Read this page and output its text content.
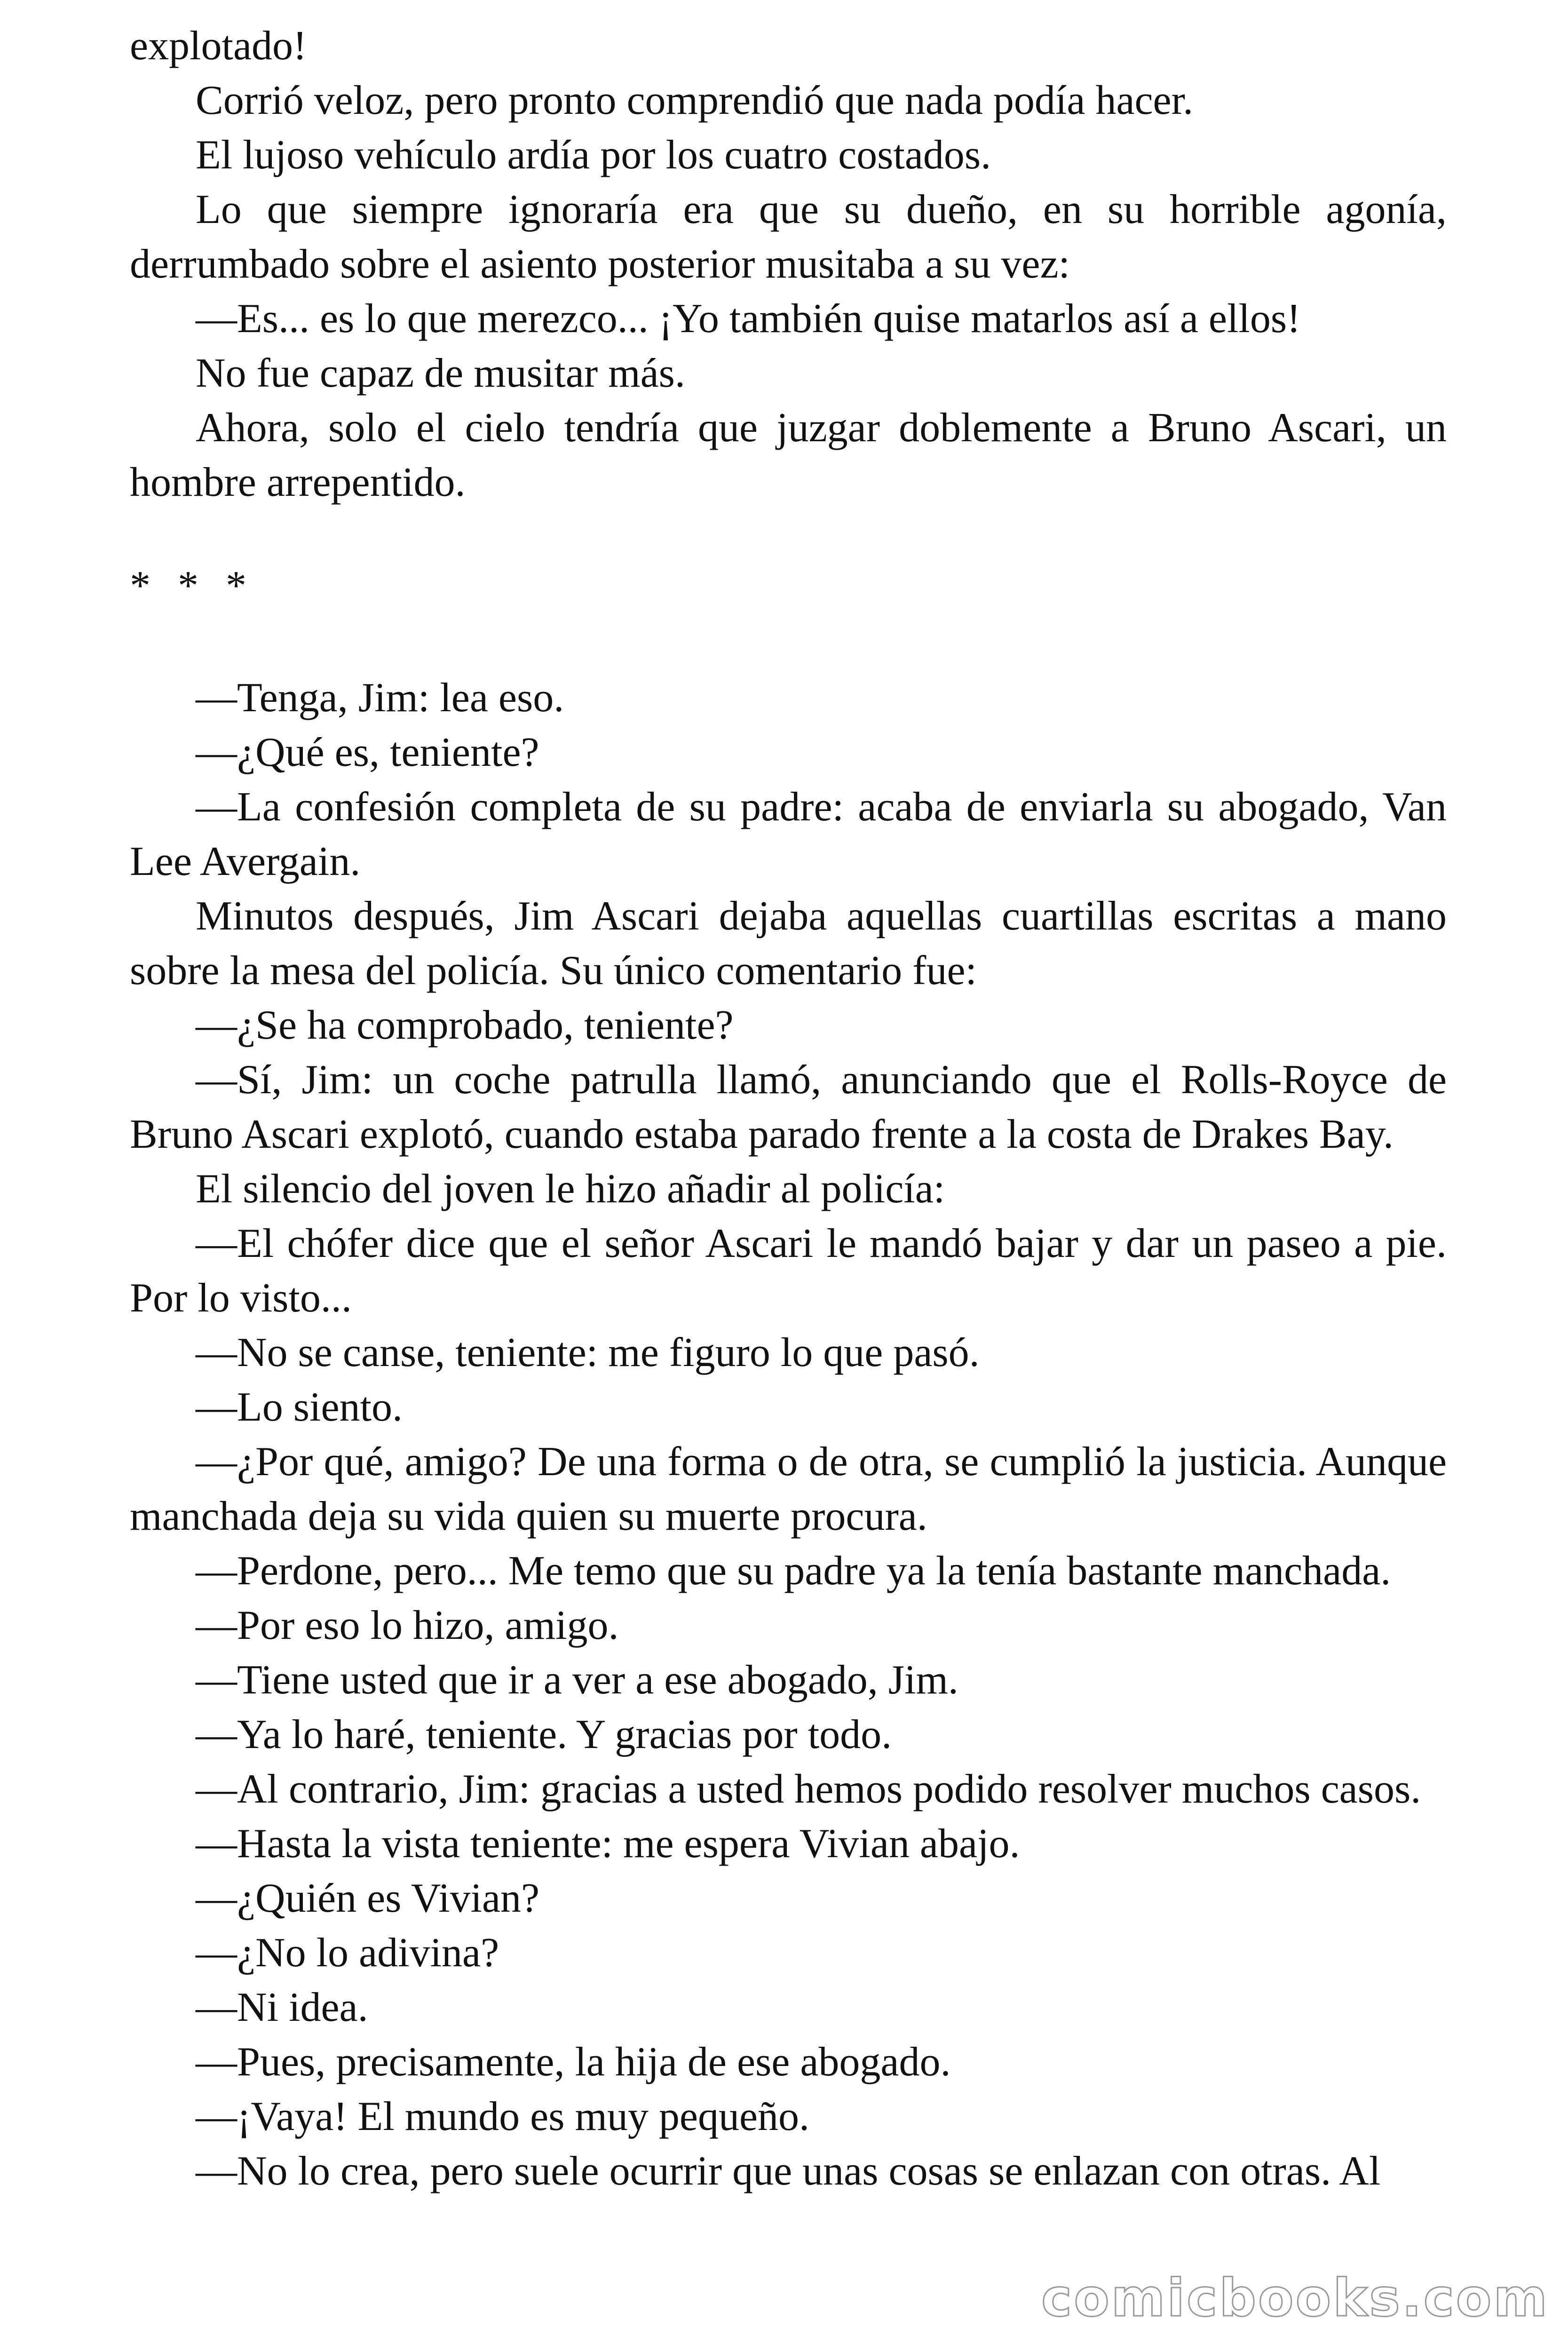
explotado!

Corrió veloz, pero pronto comprendió que nada podía hacer.

El lujoso vehículo ardía por los cuatro costados.

Lo que siempre ignoraría era que su dueño, en su horrible agonía, derrumbado sobre el asiento posterior musitaba a su vez:

—Es... es lo que merezco... ¡Yo también quise matarlos así a ellos!

No fue capaz de musitar más.

Ahora, solo el cielo tendría que juzgar doblemente a Bruno Ascari, un hombre arrepentido.

* * *

—Tenga, Jim: lea eso.

—¿Qué es, teniente?

—La confesión completa de su padre: acaba de enviarla su abogado, Van Lee Avergain.

Minutos después, Jim Ascari dejaba aquellas cuartillas escritas a mano sobre la mesa del policía. Su único comentario fue:

—¿Se ha comprobado, teniente?

—Sí, Jim: un coche patrulla llamó, anunciando que el Rolls-Royce de Bruno Ascari explotó, cuando estaba parado frente a la costa de Drakes Bay.

El silencio del joven le hizo añadir al policía:

—El chófer dice que el señor Ascari le mandó bajar y dar un paseo a pie. Por lo visto...

—No se canse, teniente: me figuro lo que pasó.

—Lo siento.

—¿Por qué, amigo? De una forma o de otra, se cumplió la justicia. Aunque manchada deja su vida quien su muerte procura.

—Perdone, pero... Me temo que su padre ya la tenía bastante manchada.

—Por eso lo hizo, amigo.

—Tiene usted que ir a ver a ese abogado, Jim.

—Ya lo haré, teniente. Y gracias por todo.

—Al contrario, Jim: gracias a usted hemos podido resolver muchos casos.

—Hasta la vista teniente: me espera Vivian abajo.

—¿Quién es Vivian?

—¿No lo adivina?

—Ni idea.

—Pues, precisamente, la hija de ese abogado.

—¡Vaya! El mundo es muy pequeño.

—No lo crea, pero suele ocurrir que unas cosas se enlazan con otras. Al

comicbooks.com
